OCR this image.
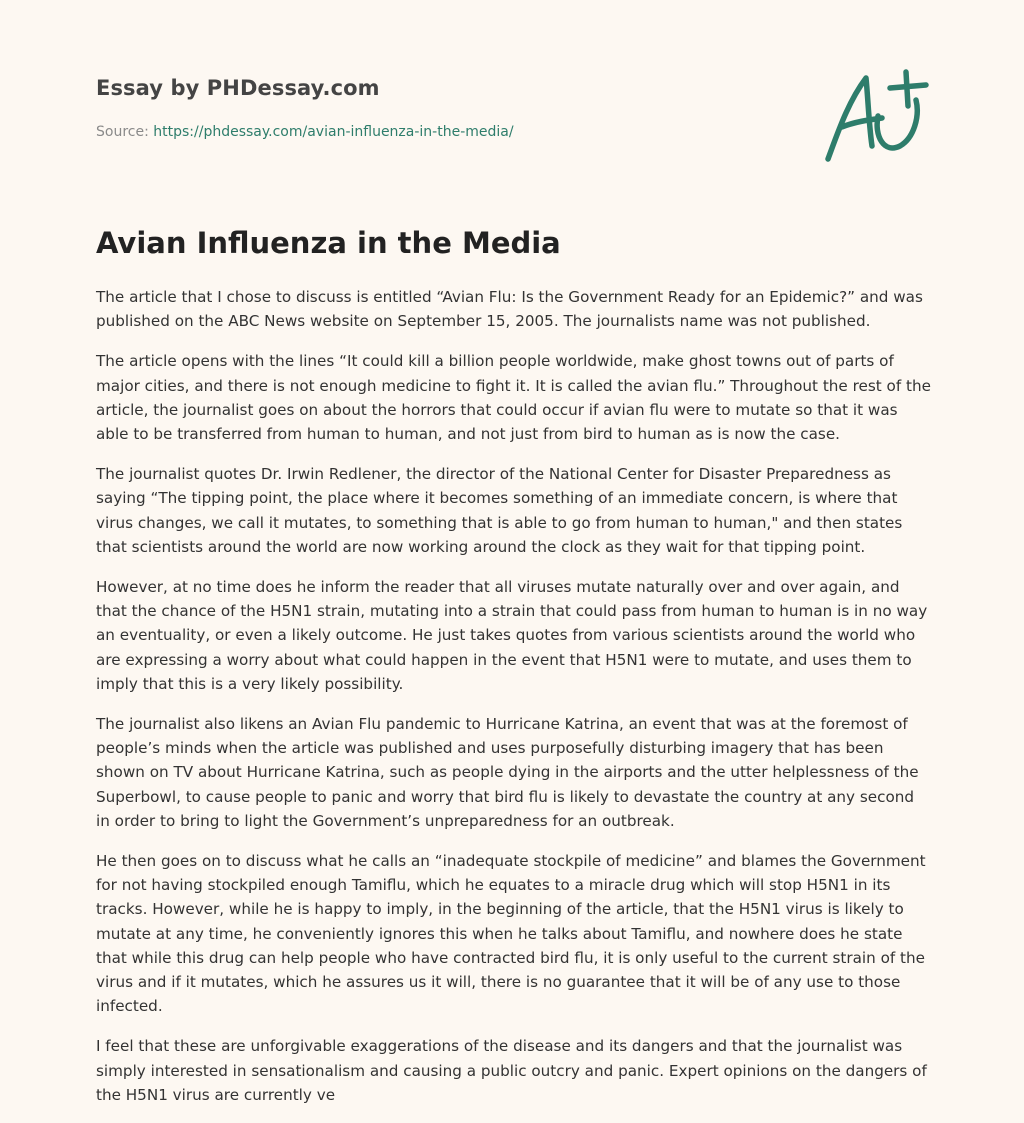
Essay by PHDessay.com
Source: https://phdessay.com/avian-influenza-in-the-media/
Avian Influenza in the Media

The article that I chose to discuss is entitled “Avian Flu: Is the Government Ready for an Epidemic?” and was published on the ABC News website on September 15, 2005. The journalists name was not published.

The article opens with the lines “It could kill a billion people worldwide, make ghost towns out of parts of major cities, and there is not enough medicine to fight it. It is called the avian flu.” Throughout the rest of the article, the journalist goes on about the horrors that could occur if avian flu were to mutate so that it was able to be transferred from human to human, and not just from bird to human as is now the case.

The journalist quotes Dr. Irwin Redlener, the director of the National Center for Disaster Preparedness as saying “The tipping point, the place where it becomes something of an immediate concern, is where that virus changes, we call it mutates, to something that is able to go from human to human," and then states that scientists around the world are now working around the clock as they wait for that tipping point.

However, at no time does he inform the reader that all viruses mutate naturally over and over again, and that the chance of the H5N1 strain, mutating into a strain that could pass from human to human is in no way an eventuality, or even a likely outcome. He just takes quotes from various scientists around the world who are expressing a worry about what could happen in the event that H5N1 were to mutate, and uses them to imply that this is a very likely possibility.

The journalist also likens an Avian Flu pandemic to Hurricane Katrina, an event that was at the foremost of people’s minds when the article was published and uses purposefully disturbing imagery that has been shown on TV about Hurricane Katrina, such as people dying in the airports and the utter helplessness of the Superbowl, to cause people to panic and worry that bird flu is likely to devastate the country at any second in order to bring to light the Government’s unpreparedness for an outbreak.

He then goes on to discuss what he calls an “inadequate stockpile of medicine” and blames the Government for not having stockpiled enough Tamiflu, which he equates to a miracle drug which will stop H5N1 in its tracks. However, while he is happy to imply, in the beginning of the article, that the H5N1 virus is likely to mutate at any time, he conveniently ignores this when he talks about Tamiflu, and nowhere does he state that while this drug can help people who have contracted bird flu, it is only useful to the current strain of the virus and if it mutates, which he assures us it will, there is no guarantee that it will be of any use to those infected.

I feel that these are unforgivable exaggerations of the disease and its dangers and that the journalist was simply interested in sensationalism and causing a public outcry and panic. Expert opinions on the dangers of the H5N1 virus are currently ve
